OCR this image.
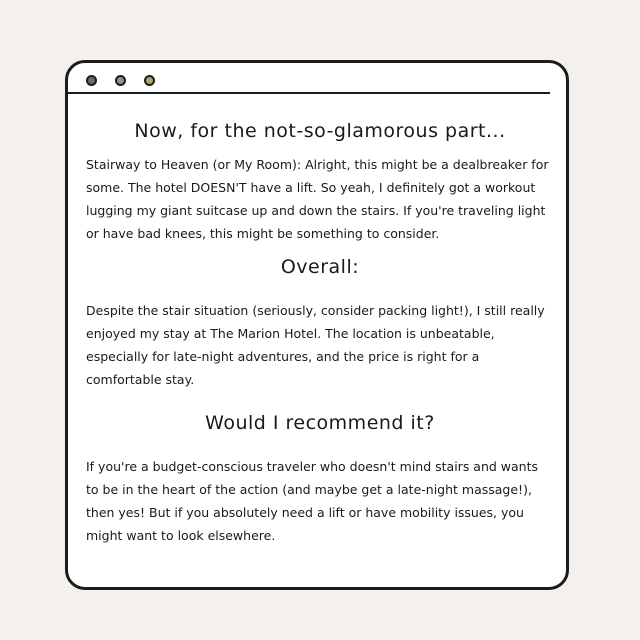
Now, for the not-so-glamorous part...

Stairway to Heaven (or My Room): Alright, this might be a dealbreaker for some. The hotel DOESN'T have a lift. So yeah, I definitely got a workout lugging my giant suitcase up and down the stairs. If you're traveling light or have bad knees, this might be something to consider.

Overall:

Despite the stair situation (seriously, consider packing light!), I still really enjoyed my stay at The Marion Hotel. The location is unbeatable, especially for late-night adventures, and the price is right for a comfortable stay.

Would I recommend it?

If you're a budget-conscious traveler who doesn't mind stairs and wants to be in the heart of the action (and maybe get a late-night massage!), then yes! But if you absolutely need a lift or have mobility issues, you might want to look elsewhere.
